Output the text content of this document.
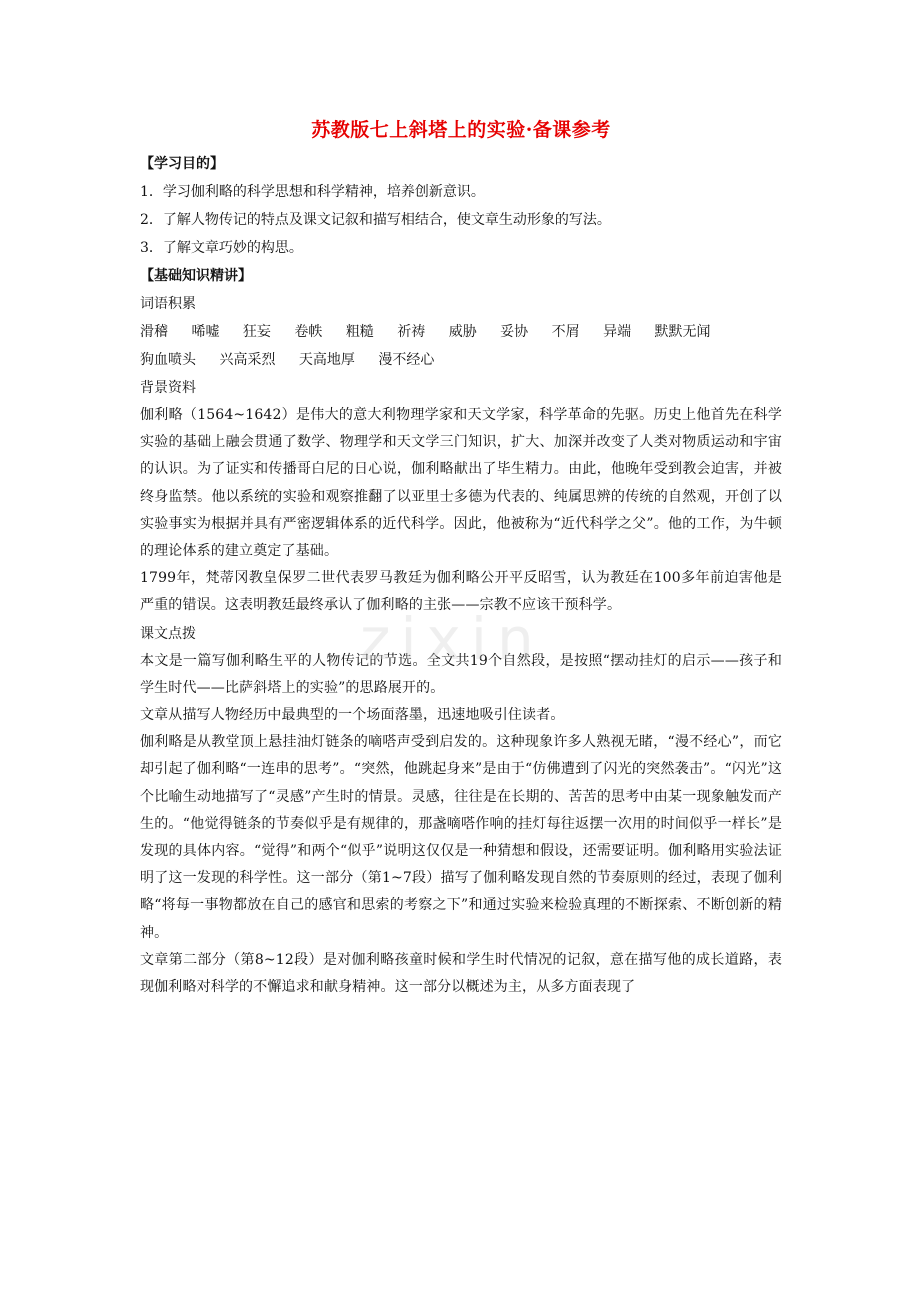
苏教版七上斜塔上的实验·备课参考

【学习目的】

1．学习伽利略的科学思想和科学精神，培养创新意识。

2．了解人物传记的特点及课文记叙和描写相结合，使文章生动形象的写法。

3．了解文章巧妙的构思。

【基础知识精讲】

词语积累

滑稽 唏嘘 狂妄 卷帙 粗糙 祈祷 威胁 妥协 不屑 异端 默默无闻 狗血喷头 兴高采烈 天高地厚 漫不经心

背景资料

伽利略（1564~1642）是伟大的意大利物理学家和天文学家，科学革命的先驱。历史上他首先在科学实验的基础上融会贯通了数学、物理学和天文学三门知识，扩大、加深并改变了人类对物质运动和宇宙的认识。为了证实和传播哥白尼的日心说，伽利略献出了毕生精力。由此，他晚年受到教会迫害，并被终身监禁。他以系统的实验和观察推翻了以亚里士多德为代表的、纯属思辨的传统的自然观，开创了以实验事实为根据并具有严密逻辑体系的近代科学。因此，他被称为“近代科学之父”。他的工作，为牛顿的理论体系的建立奠定了基础。

1799年，梵蒂冈教皇保罗二世代表罗马教廷为伽利略公开平反昭雪，认为教廷在100多年前迫害他是严重的错误。这表明教廷最终承认了伽利略的主张——宗教不应该干预科学。

课文点拨

本文是一篇写伽利略生平的人物传记的节选。全文共19个自然段，是按照“摆动挂灯的启示——孩子和学生时代——比萨斜塔上的实验”的思路展开的。

文章从描写人物经历中最典型的一个场面落墨，迅速地吸引住读者。

伽利略是从教堂顶上悬挂油灯链条的嘀嗒声受到启发的。这种现象许多人熟视无睹，“漫不经心”，而它却引起了伽利略“一连串的思考”。“突然，他跳起身来”是由于“仿佛遭到了闪光的突然袭击”。“闪光”这个比喻生动地描写了“灵感”产生时的情景。灵感，往往是在长期的、苦苦的思考中由某一现象触发而产生的。“他觉得链条的节奏似乎是有规律的，那盏嘀嗒作响的挂灯每往返摆一次用的时间似乎一样长”是发现的具体内容。“觉得”和两个“似乎”说明这仅仅是一种猜想和假设，还需要证明。伽利略用实验法证明了这一发现的科学性。这一部分（第1~7段）描写了伽利略发现自然的节奏原则的经过，表现了伽利略“将每一事物都放在自己的感官和思索的考察之下”和通过实验来检验真理的不断探索、不断创新的精神。

文章第二部分（第8~12段）是对伽利略孩童时候和学生时代情况的记叙，意在描写他的成长道路，表现伽利略对科学的不懈追求和献身精神。这一部分以概述为主，从多方面表现了

zixin
